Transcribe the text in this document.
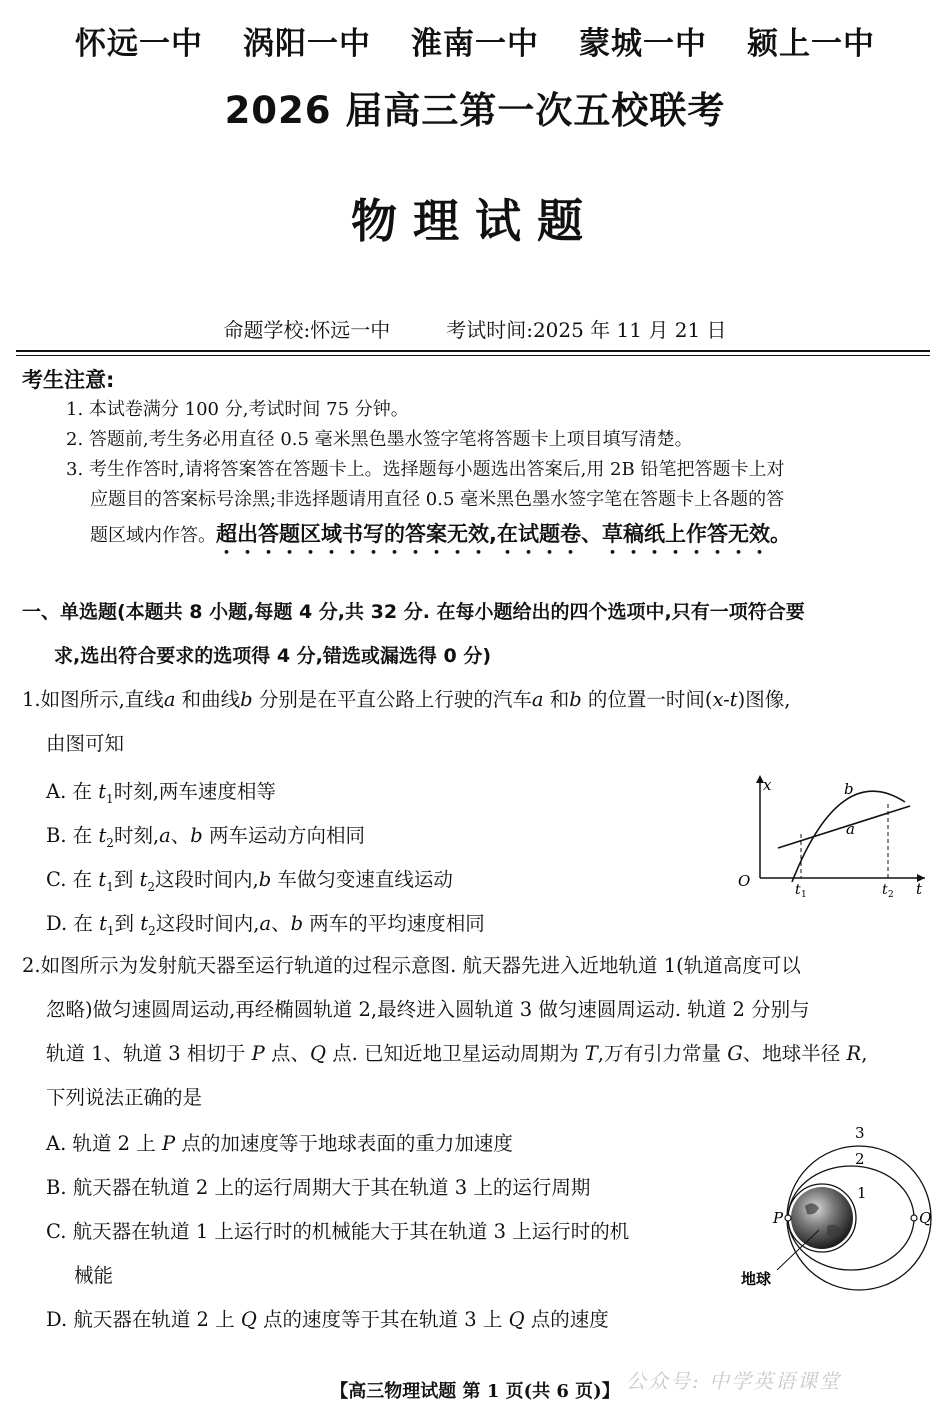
怀远一中 涡阳一中 淮南一中 蒙城一中 颍上一中
2026 届高三第一次五校联考
物理试题
命题学校:怀远一中	考试时间:2025 年 11 月 21 日
考生注意:
1. 本试卷满分 100 分,考试时间 75 分钟。
2. 答题前,考生务必用直径 0.5 毫米黑色墨水签字笔将答题卡上项目填写清楚。
3. 考生作答时,请将答案答在答题卡上。选择题每小题选出答案后,用 2B 铅笔把答题卡上对
应题目的答案标号涂黑;非选择题请用直径 0.5 毫米黑色墨水签字笔在答题卡上各题的答
题区域内作答。超出答题区域书写的答案无效,在试题卷、草稿纸上作答无效。
一、单选题(本题共 8 小题,每题 4 分,共 32 分. 在每小题给出的四个选项中,只有一项符合要
求,选出符合要求的选项得 4 分,错选或漏选得 0 分)
1.如图所示,直线a 和曲线b 分别是在平直公路上行驶的汽车a 和b 的位置一时间(x-t)图像,
由图可知
A. 在 $t_1$时刻,两车速度相等
B. 在 $t_2$时刻,a、b 两车运动方向相同
C. 在 $t_1$到 $t_2$这段时间内,b 车做匀变速直线运动
D. 在 $t_1$到 $t_2$这段时间内,a、b 两车的平均速度相同
x
t
O
b
a
t 1	t 2
2.如图所示为发射航天器至运行轨道的过程示意图. 航天器先进入近地轨道 1(轨道高度可以
忽略)做匀速圆周运动,再经椭圆轨道 2,最终进入圆轨道 3 做匀速圆周运动. 轨道 2 分别与
轨道 1、轨道 3 相切于 P 点、Q 点. 已知近地卫星运动周期为 T,万有引力常量 G、地球半径 R,
下列说法正确的是
A. 轨道 2 上 P 点的加速度等于地球表面的重力加速度
B. 航天器在轨道 2 上的运行周期大于其在轨道 3 上的运行周期
C. 航天器在轨道 1 上运行时的机械能大于其在轨道 3 上运行时的机
械能
D. 航天器在轨道 2 上 Q 点的速度等于其在轨道 3 上 Q 点的速度
3
2
1
P	Q
地球
【高三物理试题 第 1 页(共 6 页)】 公众号: 中学英语课堂
